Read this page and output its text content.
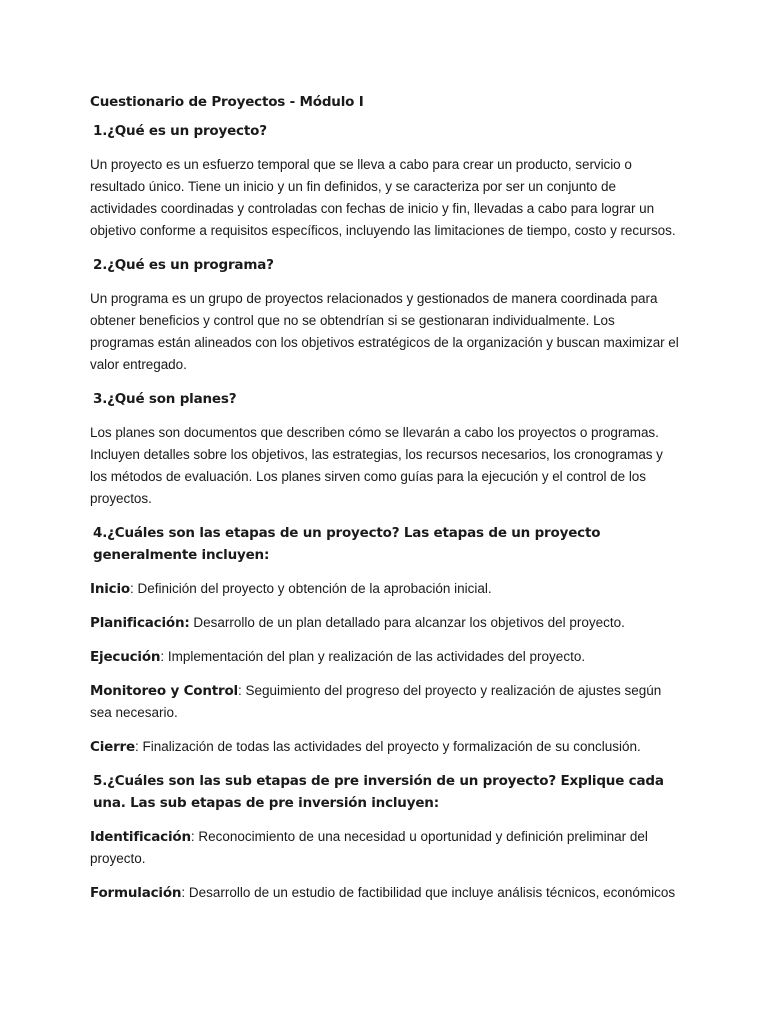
Cuestionario de Proyectos - Módulo I

1.¿Qué es un proyecto?

Un proyecto es un esfuerzo temporal que se lleva a cabo para crear un producto, servicio o resultado único. Tiene un inicio y un fin definidos, y se caracteriza por ser un conjunto de actividades coordinadas y controladas con fechas de inicio y fin, llevadas a cabo para lograr un objetivo conforme a requisitos específicos, incluyendo las limitaciones de tiempo, costo y recursos.

2.¿Qué es un programa?

Un programa es un grupo de proyectos relacionados y gestionados de manera coordinada para obtener beneficios y control que no se obtendrían si se gestionaran individualmente. Los programas están alineados con los objetivos estratégicos de la organización y buscan maximizar el valor entregado.

3.¿Qué son planes?

Los planes son documentos que describen cómo se llevarán a cabo los proyectos o programas. Incluyen detalles sobre los objetivos, las estrategias, los recursos necesarios, los cronogramas y los métodos de evaluación. Los planes sirven como guías para la ejecución y el control de los proyectos.

4.¿Cuáles son las etapas de un proyecto? Las etapas de un proyecto generalmente incluyen:

Inicio: Definición del proyecto y obtención de la aprobación inicial.

Planificación: Desarrollo de un plan detallado para alcanzar los objetivos del proyecto.

Ejecución: Implementación del plan y realización de las actividades del proyecto.

Monitoreo y Control: Seguimiento del progreso del proyecto y realización de ajustes según sea necesario.

Cierre: Finalización de todas las actividades del proyecto y formalización de su conclusión.

5.¿Cuáles son las sub etapas de pre inversión de un proyecto? Explique cada una. Las sub etapas de pre inversión incluyen:

Identificación: Reconocimiento de una necesidad u oportunidad y definición preliminar del proyecto.

Formulación: Desarrollo de un estudio de factibilidad que incluye análisis técnicos, económicos
